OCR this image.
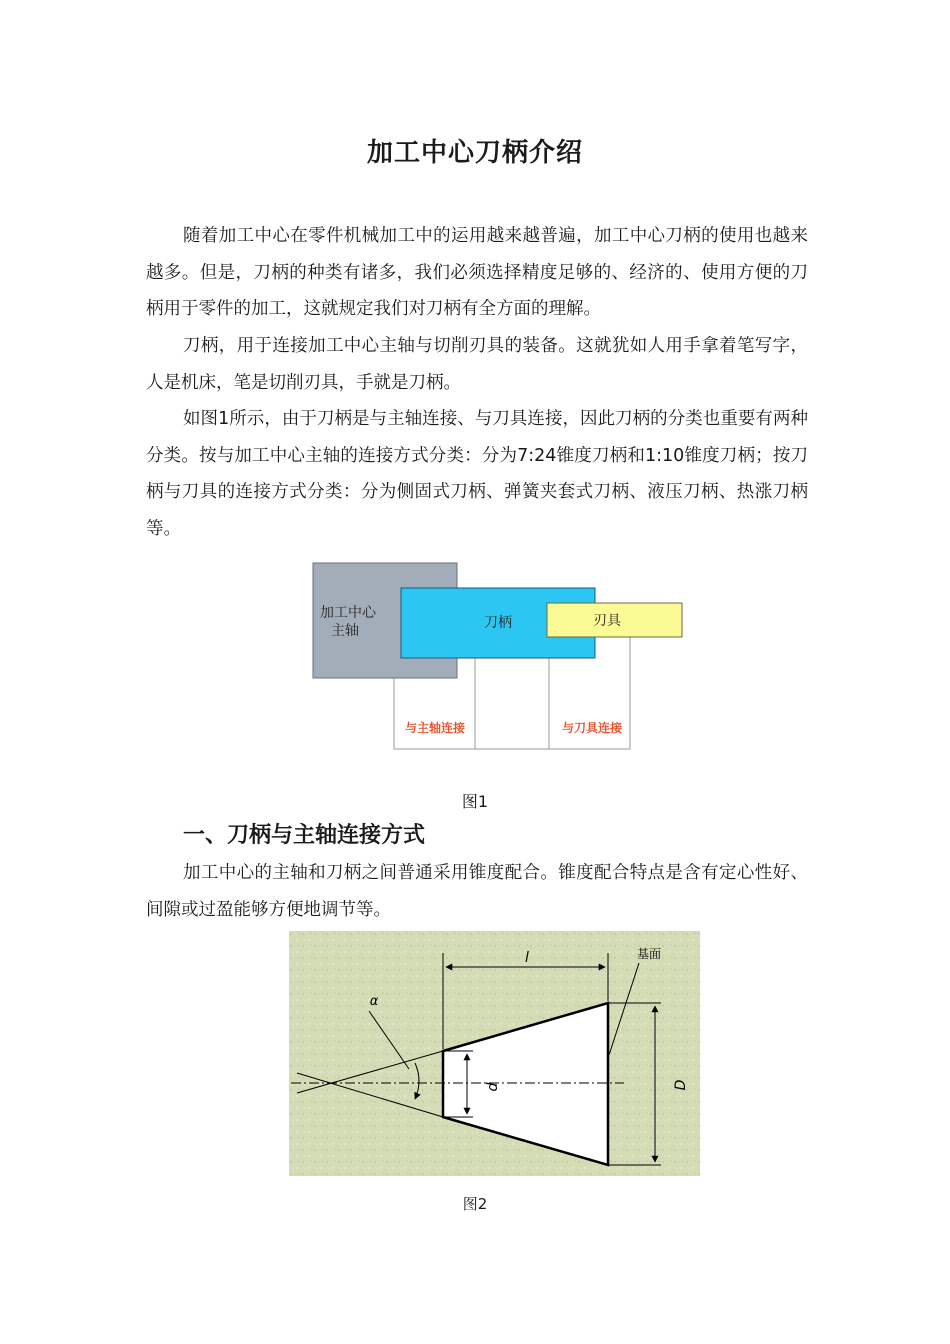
加工中心刀柄介绍

随着加工中心在零件机械加工中的运用越来越普遍，加工中心刀柄的使用也越来越多。但是，刀柄的种类有诸多，我们必须选择精度足够的、经济的、使用方便的刀柄用于零件的加工，这就规定我们对刀柄有全方面的理解。

刀柄，用于连接加工中心主轴与切削刃具的装备。这就犹如人用手拿着笔写字，人是机床，笔是切削刃具，手就是刀柄。

如图1所示，由于刀柄是与主轴连接、与刀具连接，因此刀柄的分类也重要有两种分类。按与加工中心主轴的连接方式分类：分为7:24锥度刀柄和1:10锥度刀柄；按刀柄与刀具的连接方式分类：分为侧固式刀柄、弹簧夹套式刀柄、液压刀柄、热涨刀柄等。

加工中心
主轴	刀柄	刃具
与主轴连接	与刀具连接
图1
一、刀柄与主轴连接方式

加工中心的主轴和刀柄之间普通采用锥度配合。锥度配合特点是含有定心性好、间隙或过盈能够方便地调节等。

l	基面
α
d	D
图2
